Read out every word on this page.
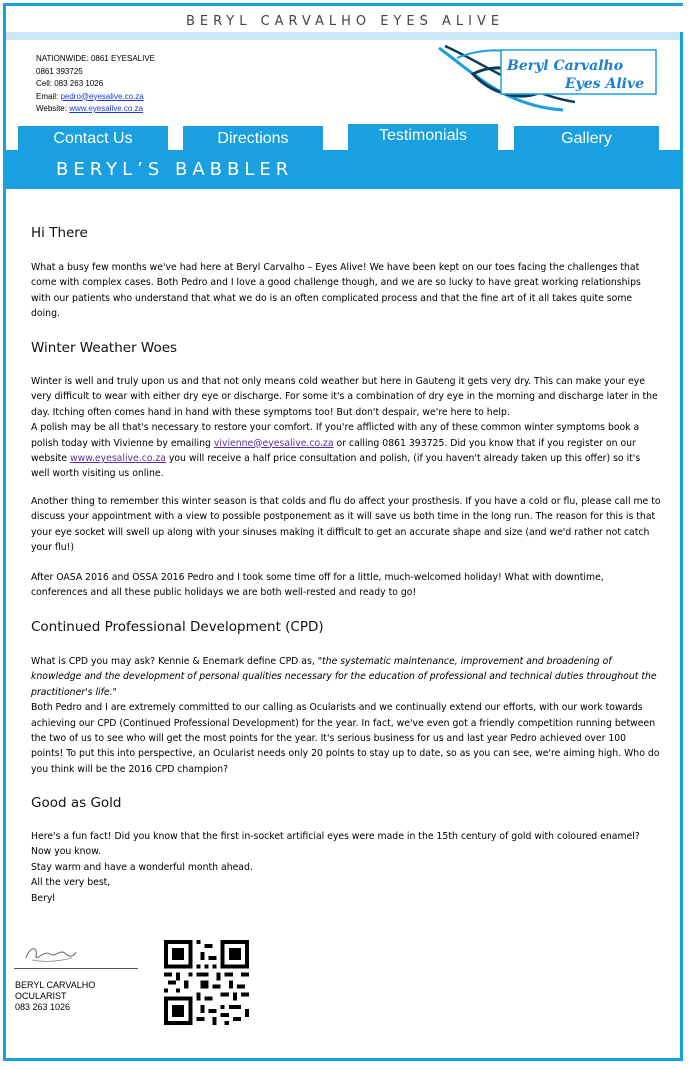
BERYL CARVALHO EYES ALIVE
NATIONWIDE: 0861 EYESALIVE
0861 393725
Cell: 083 263 1026
Email: pedro@eyesalive.co.za
Website: www.eyesalive.co.za
Beryl Carvalho
Eyes Alive
Contact Us	Directions	Testimonials	Gallery
BERYL’S BABBLER
Hi There
What a busy few months we've had here at Beryl Carvalho – Eyes Alive! We have been kept on our toes facing the challenges that come with complex cases. Both Pedro and I love a good challenge though, and we are so lucky to have great working relationships with our patients who understand that what we do is an often complicated process and that the fine art of it all takes quite some doing.
Winter Weather Woes
Winter is well and truly upon us and that not only means cold weather but here in Gauteng it gets very dry. This can make your eye very difficult to wear with either dry eye or discharge. For some it's a combination of dry eye in the morning and discharge later in the day. Itching often comes hand in hand with these symptoms too! But don't despair, we're here to help.
A polish may be all that's necessary to restore your comfort. If you're afflicted with any of these common winter symptoms book a polish today with Vivienne by emailing vivienne@eyesalive.co.za or calling 0861 393725. Did you know that if you register on our website www.eyesalive.co.za you will receive a half price consultation and polish, (if you haven't already taken up this offer) so it's well worth visiting us online.
Another thing to remember this winter season is that colds and flu do affect your prosthesis. If you have a cold or flu, please call me to discuss your appointment with a view to possible postponement as it will save us both time in the long run. The reason for this is that your eye socket will swell up along with your sinuses making it difficult to get an accurate shape and size (and we'd rather not catch your flu!)
After OASA 2016 and OSSA 2016 Pedro and I took some time off for a little, much-welcomed holiday! What with downtime, conferences and all these public holidays we are both well-rested and ready to go!
Continued Professional Development (CPD)
What is CPD you may ask? Kennie & Enemark define CPD as, "the systematic maintenance, improvement and broadening of knowledge and the development of personal qualities necessary for the education of professional and technical duties throughout the practitioner's life."
Both Pedro and I are extremely committed to our calling as Ocularists and we continually extend our efforts, with our work towards achieving our CPD (Continued Professional Development) for the year. In fact, we've even got a friendly competition running between the two of us to see who will get the most points for the year. It's serious business for us and last year Pedro achieved over 100 points! To put this into perspective, an Ocularist needs only 20 points to stay up to date, so as you can see, we're aiming high. Who do you think will be the 2016 CPD champion?
Good as Gold
Here's a fun fact! Did you know that the first in-socket artificial eyes were made in the 15th century of gold with coloured enamel? Now you know.
Stay warm and have a wonderful month ahead.
All the very best,
Beryl
BERYL CARVALHO
OCULARIST
083 263 1026
